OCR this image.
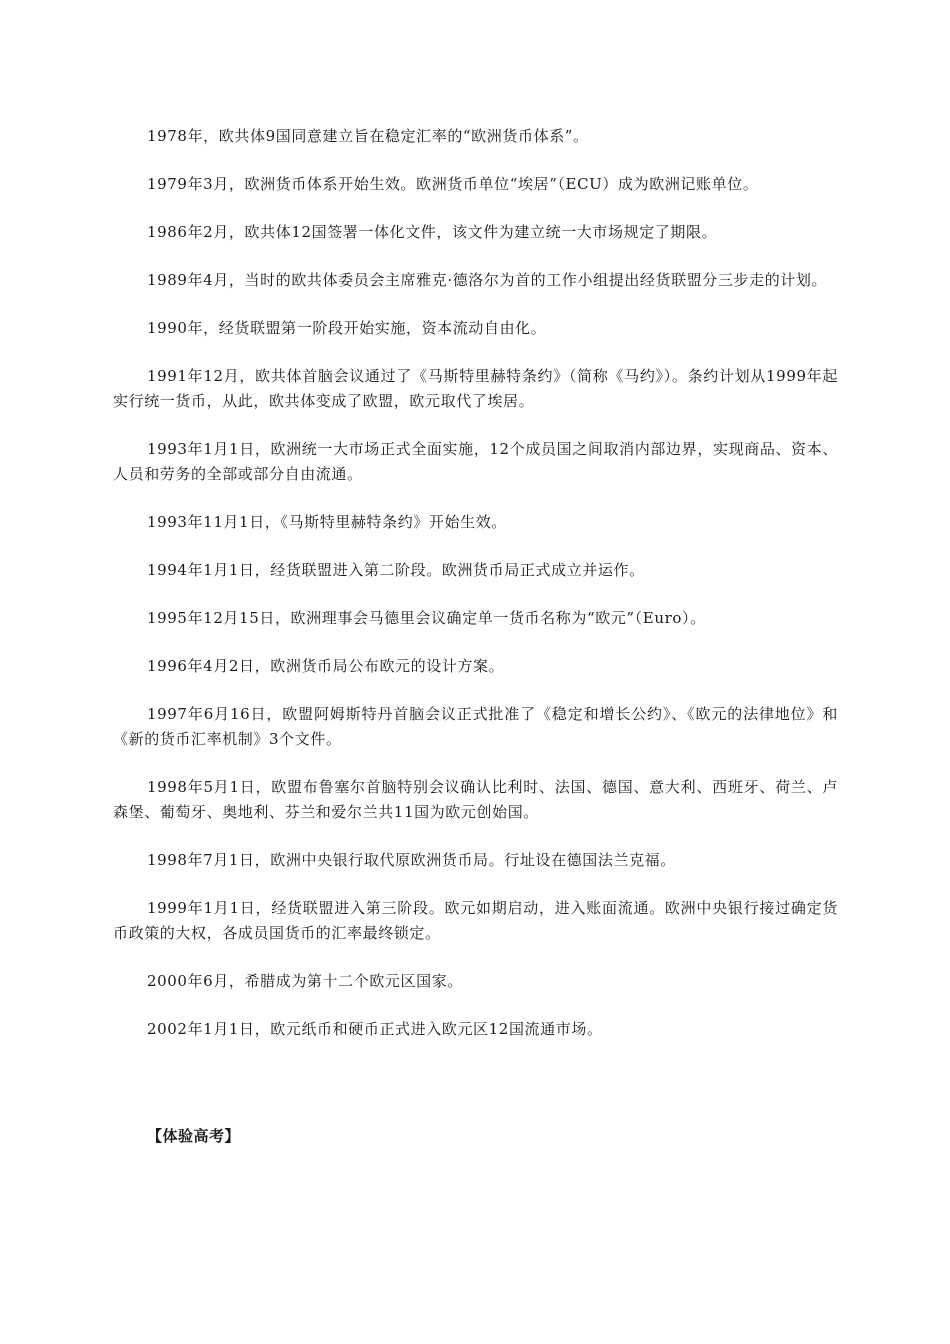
1978年，欧共体9国同意建立旨在稳定汇率的“欧洲货币体系”。
1979年3月，欧洲货币体系开始生效。欧洲货币单位“埃居”（ECU）成为欧洲记账单位。
1986年2月，欧共体12国签署一体化文件，该文件为建立统一大市场规定了期限。
1989年4月，当时的欧共体委员会主席雅克·德洛尔为首的工作小组提出经货联盟分三步走的计划。
1990年，经货联盟第一阶段开始实施，资本流动自由化。
1991年12月，欧共体首脑会议通过了《马斯特里赫特条约》（简称《马约》）。条约计划从1999年起实行统一货币，从此，欧共体变成了欧盟，欧元取代了埃居。
1993年1月1日，欧洲统一大市场正式全面实施，12个成员国之间取消内部边界，实现商品、资本、人员和劳务的全部或部分自由流通。
1993年11月1日，《马斯特里赫特条约》开始生效。
1994年1月1日，经货联盟进入第二阶段。欧洲货币局正式成立并运作。
1995年12月15日，欧洲理事会马德里会议确定单一货币名称为“欧元”（Euro）。
1996年4月2日，欧洲货币局公布欧元的设计方案。
1997年6月16日，欧盟阿姆斯特丹首脑会议正式批准了《稳定和增长公约》、《欧元的法律地位》和《新的货币汇率机制》3个文件。
1998年5月1日，欧盟布鲁塞尔首脑特别会议确认比利时、法国、德国、意大利、西班牙、荷兰、卢森堡、葡萄牙、奥地利、芬兰和爱尔兰共11国为欧元创始国。
1998年7月1日，欧洲中央银行取代原欧洲货币局。行址设在德国法兰克福。
1999年1月1日，经货联盟进入第三阶段。欧元如期启动，进入账面流通。欧洲中央银行接过确定货币政策的大权，各成员国货币的汇率最终锁定。
2000年6月，希腊成为第十二个欧元区国家。
2002年1月1日，欧元纸币和硬币正式进入欧元区12国流通市场。
【体验高考】
